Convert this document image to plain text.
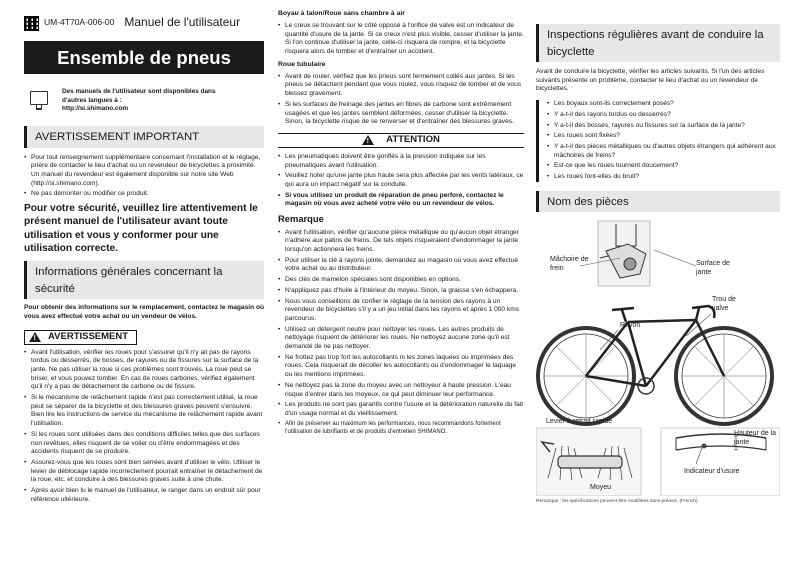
UM-4T70A-006-00 Manuel de l'utilisateur
Ensemble de pneus
Des manuels de l'utilisateur sont disponibles dans
d'autres langues à :
http://si.shimano.com
AVERTISSEMENT IMPORTANT
• Pour tout renseignement supplémentaire concernant l'installation et le réglage, prière de contacter le lieu d'achat ou un revendeur de bicyclettes à proximité. Un manuel du revendeur est également disponible sur notre site Web (http://si.shimano.com).
• Ne pas démonter ou modifier ce produit.
Pour votre sécurité, veuillez lire attentivement le présent manuel de l'utilisateur avant toute utilisation et vous y conformer pour une utilisation correcte.
Informations générales concernant la sécurité

Pour obtenir des informations sur le remplacement, contactez le magasin où vous avez effectué votre achat ou un vendeur de vélos.

!
AVERTISSEMENT
• Avant l'utilisation, vérifier les roues pour s'assurer qu'il n'y ait pas de rayons tordus ou desserrés, de bosses, de rayures ou de fissures sur la surface de la jante. Ne pas utiliser la roue si ces problèmes sont trouvés. La roue peut se briser, et vous pouvez tomber. En cas de roues carbones, vérifiez également qu'il n'y a pas de détachement de carbone ou de fissure.
• Si le mécanisme de relâchement rapide n'est pas correctement utilisé, la roue peut se séparer de la bicyclette et des blessures graves peuvent s'ensuivre. Bien lire les instructions de service du mécanisme de relâchement rapide avant l'utilisation.
• Si les roues sont utilisées dans des conditions difficiles telles que des surfaces non revêtues, elles risquent de se voiler ou d'être endommagées et des accidents risquent de se produire.
• Assurez-vous que les roues sont bien serrées avant d'utiliser le vélo. Utiliser le levier de déblocage rapide incorrectement pourrait entraîner le détachement de la roue, etc. et conduire à des blessures graves suite à une chute.
• Après avoir bien lu le manuel de l'utilisateur, le ranger dans un endroit sûr pour référence ultérieure.
Boyau à talon/Roue sans chambre à air
• Le creux se trouvant sur le côté opposé à l'orifice de valve est un indicateur de quantité d'usure de la jante. Si ce creux n'est plus visible, cesser d'utiliser la jante. Si l'on continue d'utiliser la jante, celle-ci risquera de rompre, et la bicyclette risquera alors de tomber et d'entraîner un accident.
Roue tubulaire
• Avant de rouler, vérifiez que les pneus sont fermement collés aux jantes. Si les pneus se détachent pendant que vous roulez, vous risquez de tomber et de vous blessez gravement.
• Si les surfaces de freinage des jantes en fibres de carbone sont extrêmement usagées et que les jantes semblent déformées, cesser d'utiliser la bicyclette. Sinon, la bicyclette risque de se renverser et d'entraîner des blessures graves.
!
ATTENTION
• Les pneumatiques doivent être gonflés à la pression indiquée sur les pneumatiques avant l'utilisation.
• Veuillez noter qu'une jante plus haute sera plus affectée par les vents latéraux, ce qui aura un impact négatif sur la conduite.
• Si vous utilisez un produit de réparation de pneu perforé, contactez le magasin où vous avez acheté votre vélo ou un revendeur de vélos.
Remarque
• Avant l'utilisation, vérifier qu'aucune pièce métallique ou qu'aucun objet étranger n'adhère aux patins de freins. De tels objets risqueraient d'endommager la jante lorsqu'on actionnera les freins.
• Pour utiliser la clé à rayons jointe, demandez au magasin où vous avez effectué votre achat ou au distributeur.
• Des clés de mamelon spéciales sont disponibles en options.
• N'appliquez pas d'huile à l'intérieur du moyeu. Sinon, la graisse s'en échappera.
• Nous vous conseillons de confier le réglage de la tension des rayons à un revendeur de bicyclettes s'il y a un jeu initial dans les rayons et après 1 000 kms parcourus.
• Utilisez un détergent neutre pour nettoyer les roues. Les autres produits de nettoyage risquent de détériorer les roues. Ne nettoyez aucune zone qu'il est demandé de ne pas nettoyer.
• Ne frottez pas trop fort les autocollants ni les zones laquées ou imprimées des roues. Cela risquerait de décoller les autocollants ou d'endommager le laquage ou les mentions imprimées.
• Ne nettoyez pas la zone du moyeu avec un nettoyeur à haute pression. L'eau risque d'entrer dans les moyeux, ce qui peut diminuer leur performance.
• Les produits ne sont pas garantis contre l'usure et la détérioration naturelle du fait d'un usage normal et du vieillissement.
• Afin de préserver au maximum les performances, nous recommandons fortement l'utilisation de lubrifiants et de produits d'entretien SHIMANO.
Inspections régulières avant de conduire la bicyclette

Avant de conduire la bicyclette, vérifier les articles suivants. Si l'un des articles suivants présente un problème, contacter le lieu d'achat ou un revendeur de bicyclettes.

• Les boyaux sont-ils correctement posés?
• Y a-t-il des rayons tordus ou desserrés?
• Y a-t-il des bosses, rayures ou fissures sur la surface de la jante?
• Les roues sont fixées?
• Y a-t-il des pièces métalliques ou d'autres objets étrangers qui adhèrent aux mâchoires de freins?
• Est-ce que les roues tournent doucement?
• Les roues font-elles du bruit?
Nom des pièces
Mâchoire de frein
Surface de jante
Trou de valve
Rayon
Levier à retrait rapide
Moyeu
Hauteur de la jante
Indicateur d'usure
Remarque : les spécifications peuvent être modifiées sans préavis. (French)
